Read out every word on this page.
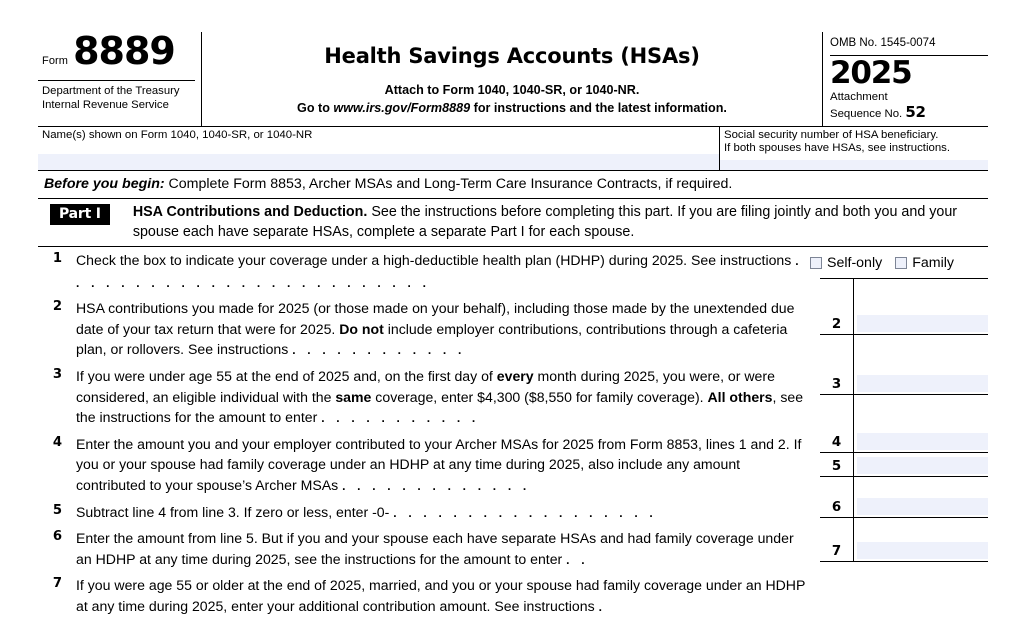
Form 8889
Department of the Treasury
Internal Revenue Service
Health Savings Accounts (HSAs)
Attach to Form 1040, 1040-SR, or 1040-NR.
Go to www.irs.gov/Form8889 for instructions and the latest information.
OMB No. 1545-0074
2025
Attachment
Sequence No. 52
Name(s) shown on Form 1040, 1040-SR, or 1040-NR	Social security number of HSA beneficiary.
If both spouses have HSAs, see instructions.
Before you begin: Complete Form 8853, Archer MSAs and Long-Term Care Insurance Contracts, if required.
Part I	HSA Contributions and Deduction. See the instructions before completing this part. If you are filing jointly and both you and your spouse each have separate HSAs, complete a separate Part I for each spouse.
1 Check the box to indicate your coverage under a high-deductible health plan (HDHP) during 2025. See instructions . . . . . . . . . . . . . . . . . . . . . . . . .
2 HSA contributions you made for 2025 (or those made on your behalf), including those made by the unextended due date of your tax return that were for 2025. Do not include employer contributions, contributions through a cafeteria plan, or rollovers. See instructions . . . . . . . . . . . .
3 If you were under age 55 at the end of 2025 and, on the first day of every month during 2025, you were, or were considered, an eligible individual with the same coverage, enter $4,300 ($8,550 for family coverage). All others, see the instructions for the amount to enter . . . . . . . . . . .
4 Enter the amount you and your employer contributed to your Archer MSAs for 2025 from Form 8853, lines 1 and 2. If you or your spouse had family coverage under an HDHP at any time during 2025, also include any amount contributed to your spouse’s Archer MSAs . . . . . . . . . . . . .
5 Subtract line 4 from line 3. If zero or less, enter -0- . . . . . . . . . . . . . . . . . .
6 Enter the amount from line 5. But if you and your spouse each have separate HSAs and had family coverage under an HDHP at any time during 2025, see the instructions for the amount to enter . .
7 If you were age 55 or older at the end of 2025, married, and you or your spouse had family coverage under an HDHP at any time during 2025, enter your additional contribution amount. See instructions .
Self-only Family
2
3
4
5
6
7
